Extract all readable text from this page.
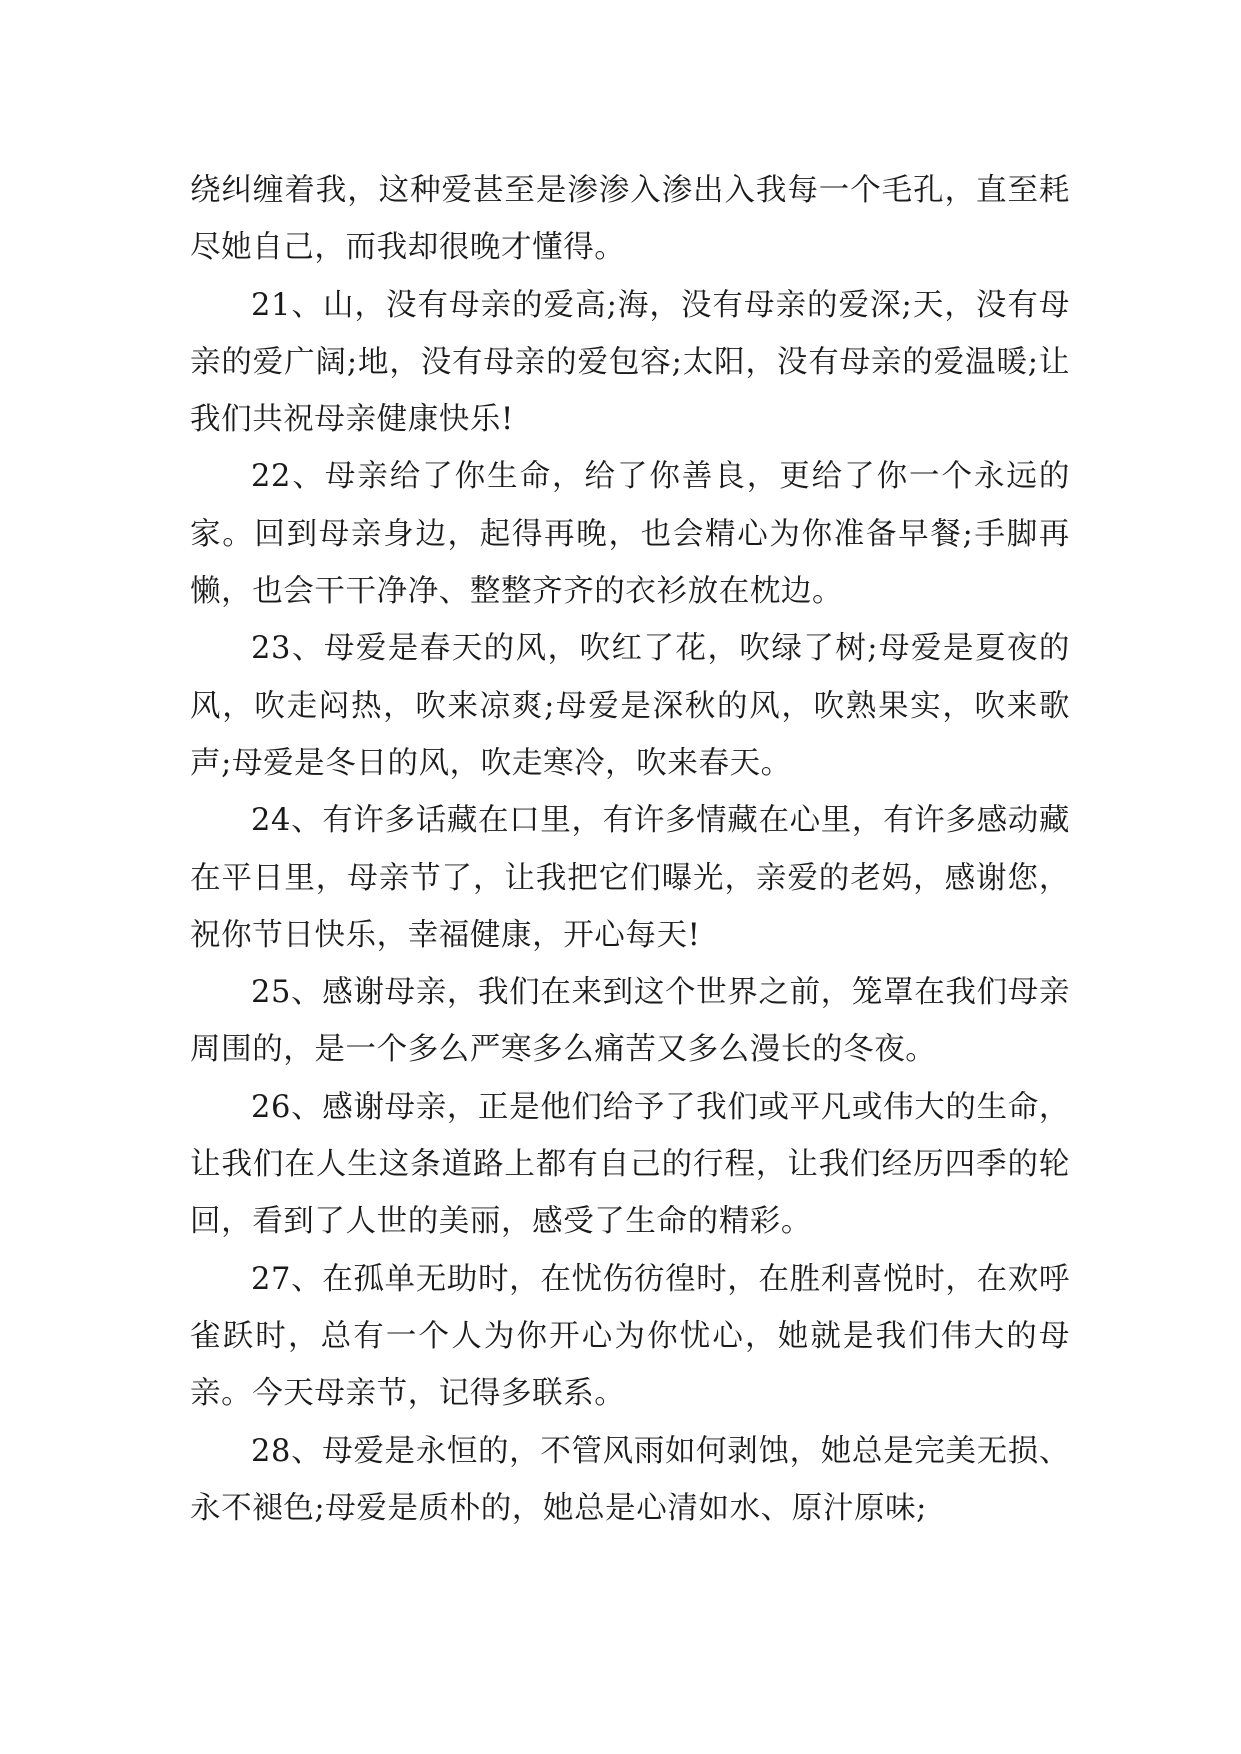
绕纠缠着我，这种爱甚至是渗渗入渗出入我每一个毛孔，直至耗尽她自己，而我却很晚才懂得。

21、山，没有母亲的爱高;海，没有母亲的爱深;天，没有母亲的爱广阔;地，没有母亲的爱包容;太阳，没有母亲的爱温暖;让我们共祝母亲健康快乐!

22、母亲给了你生命，给了你善良，更给了你一个永远的家。回到母亲身边，起得再晚，也会精心为你准备早餐;手脚再懒，也会干干净净、整整齐齐的衣衫放在枕边。

23、母爱是春天的风，吹红了花，吹绿了树;母爱是夏夜的风，吹走闷热，吹来凉爽;母爱是深秋的风，吹熟果实，吹来歌声;母爱是冬日的风，吹走寒冷，吹来春天。

24、有许多话藏在口里，有许多情藏在心里，有许多感动藏在平日里，母亲节了，让我把它们曝光，亲爱的老妈，感谢您，祝你节日快乐，幸福健康，开心每天!

25、感谢母亲，我们在来到这个世界之前，笼罩在我们母亲周围的，是一个多么严寒多么痛苦又多么漫长的冬夜。

26、感谢母亲，正是他们给予了我们或平凡或伟大的生命，让我们在人生这条道路上都有自己的行程，让我们经历四季的轮回，看到了人世的美丽，感受了生命的精彩。

27、在孤单无助时，在忧伤彷徨时，在胜利喜悦时，在欢呼雀跃时，总有一个人为你开心为你忧心，她就是我们伟大的母亲。今天母亲节，记得多联系。

28、母爱是永恒的，不管风雨如何剥蚀，她总是完美无损、永不褪色;母爱是质朴的，她总是心清如水、原汁原味;
